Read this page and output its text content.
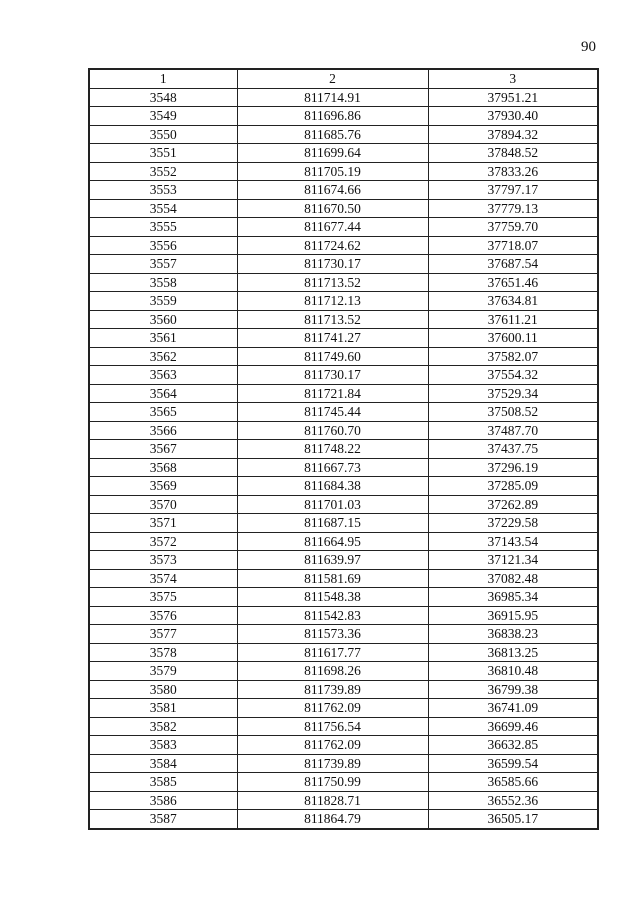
90
1	2	3
3548	811714.91	37951.21
3549	811696.86	37930.40
3550	811685.76	37894.32
3551	811699.64	37848.52
3552	811705.19	37833.26
3553	811674.66	37797.17
3554	811670.50	37779.13
3555	811677.44	37759.70
3556	811724.62	37718.07
3557	811730.17	37687.54
3558	811713.52	37651.46
3559	811712.13	37634.81
3560	811713.52	37611.21
3561	811741.27	37600.11
3562	811749.60	37582.07
3563	811730.17	37554.32
3564	811721.84	37529.34
3565	811745.44	37508.52
3566	811760.70	37487.70
3567	811748.22	37437.75
3568	811667.73	37296.19
3569	811684.38	37285.09
3570	811701.03	37262.89
3571	811687.15	37229.58
3572	811664.95	37143.54
3573	811639.97	37121.34
3574	811581.69	37082.48
3575	811548.38	36985.34
3576	811542.83	36915.95
3577	811573.36	36838.23
3578	811617.77	36813.25
3579	811698.26	36810.48
3580	811739.89	36799.38
3581	811762.09	36741.09
3582	811756.54	36699.46
3583	811762.09	36632.85
3584	811739.89	36599.54
3585	811750.99	36585.66
3586	811828.71	36552.36
3587	811864.79	36505.17
